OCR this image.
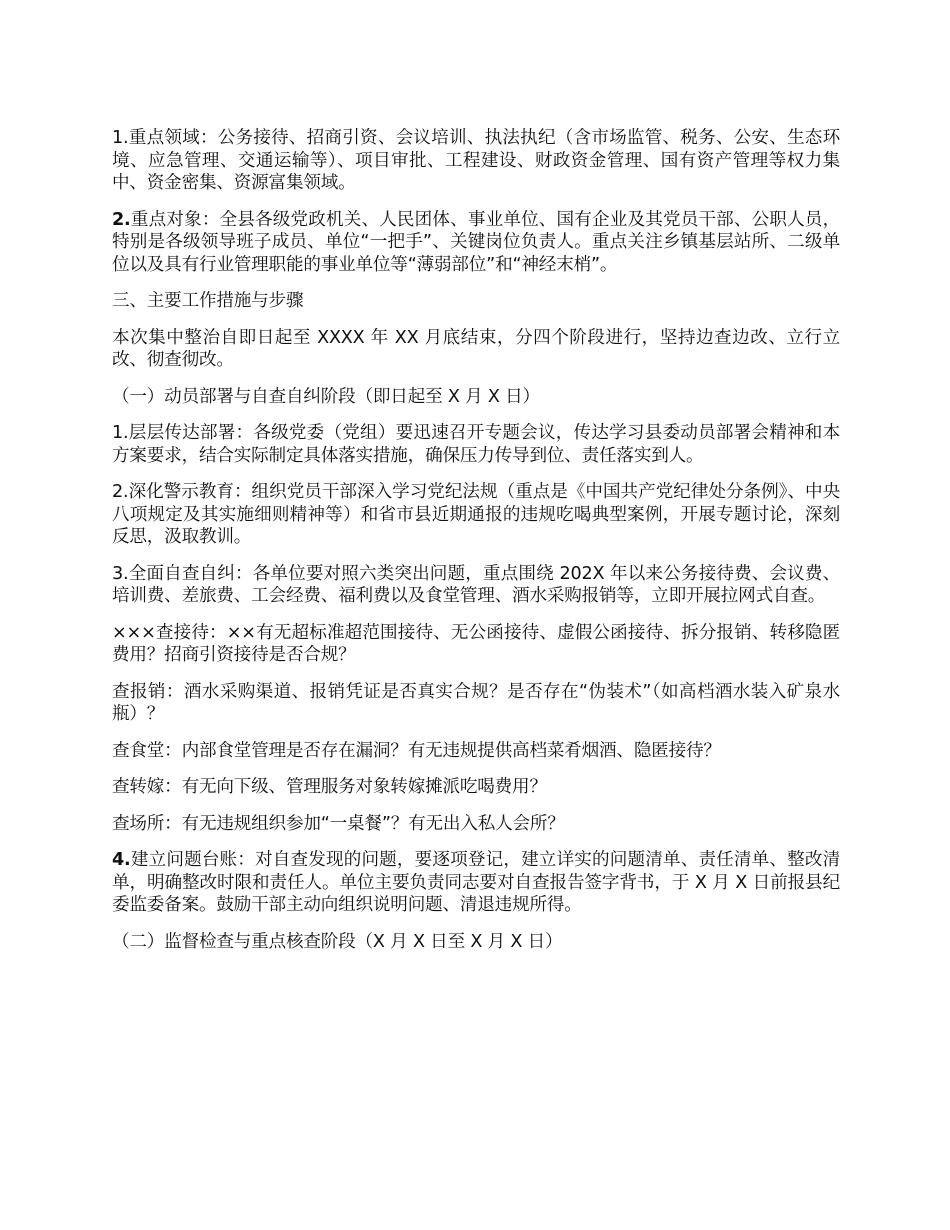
1.重点领域：公务接待、招商引资、会议培训、执法执纪（含市场监管、税务、公安、生态环境、应急管理、交通运输等）、项目审批、工程建设、财政资金管理、国有资产管理等权力集中、资金密集、资源富集领域。

2.重点对象：全县各级党政机关、人民团体、事业单位、国有企业及其党员干部、公职人员，特别是各级领导班子成员、单位“一把手”、关键岗位负责人。重点关注乡镇基层站所、二级单位以及具有行业管理职能的事业单位等“薄弱部位”和“神经末梢”。

三、主要工作措施与步骤

本次集中整治自即日起至 XXXX 年 XX 月底结束，分四个阶段进行，坚持边查边改、立行立改、彻查彻改。

（一）动员部署与自查自纠阶段（即日起至 X 月 X 日）

1.层层传达部署：各级党委（党组）要迅速召开专题会议，传达学习县委动员部署会精神和本方案要求，结合实际制定具体落实措施，确保压力传导到位、责任落实到人。

2.深化警示教育：组织党员干部深入学习党纪法规（重点是《中国共产党纪律处分条例》、中央八项规定及其实施细则精神等）和省市县近期通报的违规吃喝典型案例，开展专题讨论，深刻反思，汲取教训。

3.全面自查自纠：各单位要对照六类突出问题，重点围绕 202X 年以来公务接待费、会议费、培训费、差旅费、工会经费、福利费以及食堂管理、酒水采购报销等，立即开展拉网式自查。

×××查接待：××有无超标准超范围接待、无公函接待、虚假公函接待、拆分报销、转移隐匿费用？招商引资接待是否合规？

查报销：酒水采购渠道、报销凭证是否真实合规？是否存在“伪装术”（如高档酒水装入矿泉水瓶）？

查食堂：内部食堂管理是否存在漏洞？有无违规提供高档菜肴烟酒、隐匿接待？

查转嫁：有无向下级、管理服务对象转嫁摊派吃喝费用？

查场所：有无违规组织参加“一桌餐”？有无出入私人会所？

4.建立问题台账：对自查发现的问题，要逐项登记，建立详实的问题清单、责任清单、整改清单，明确整改时限和责任人。单位主要负责同志要对自查报告签字背书，于 X 月 X 日前报县纪委监委备案。鼓励干部主动向组织说明问题、清退违规所得。

（二）监督检查与重点核查阶段（X 月 X 日至 X 月 X 日）
